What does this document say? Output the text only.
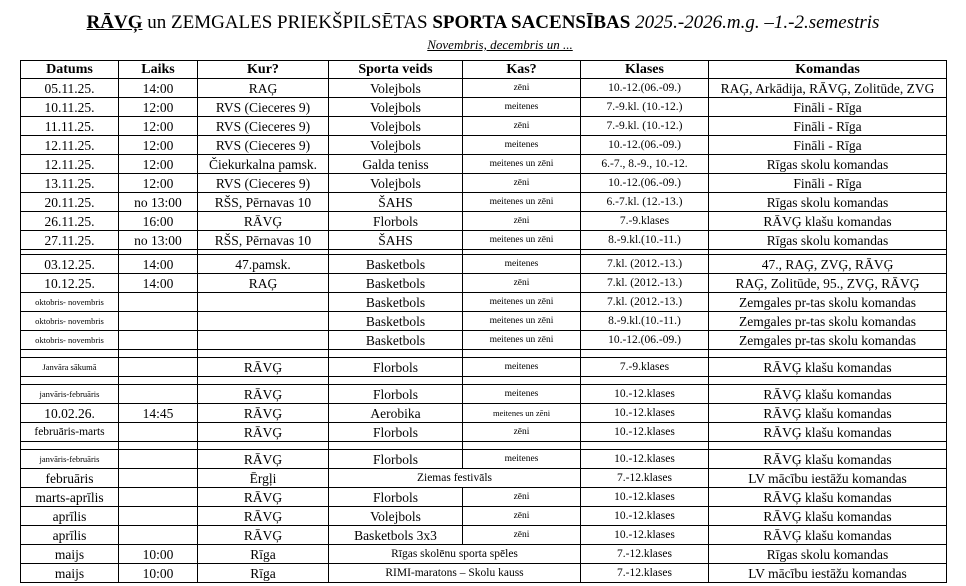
RĀVĢ un ZEMGALES PRIEKŠPILSĒTAS SPORTA SACENSĪBAS 2025.-2026.m.g. –1.-2.semestris
Novembris, decembris un ...
Datums	Laiks	Kur?	Sporta veids	Kas?	Klases	Komandas
05.11.25.	14:00	RAĢ	Volejbols	zēni	10.-12.(06.-09.)	RAĢ, Arkādija, RĀVĢ, Zolitūde, ZVG
10.11.25.	12:00	RVS (Cieceres 9)	Volejbols	meitenes	7.-9.kl. (10.-12.)	Fināli - Rīga
11.11.25.	12:00	RVS (Cieceres 9)	Volejbols	zēni	7.-9.kl. (10.-12.)	Fināli - Rīga
12.11.25.	12:00	RVS (Cieceres 9)	Volejbols	meitenes	10.-12.(06.-09.)	Fināli - Rīga
12.11.25.	12:00	Čiekurkalna pamsk.	Galda teniss	meitenes un zēni	6.-7., 8.-9., 10.-12.	Rīgas skolu komandas
13.11.25.	12:00	RVS (Cieceres 9)	Volejbols	zēni	10.-12.(06.-09.)	Fināli - Rīga
20.11.25.	no 13:00	RŠS, Pērnavas 10	ŠAHS	meitenes un zēni	6.-7.kl. (12.-13.)	Rīgas skolu komandas
26.11.25.	16:00	RĀVĢ	Florbols	zēni	7.-9.klases	RĀVĢ klašu komandas
27.11.25.	no 13:00	RŠS, Pērnavas 10	ŠAHS	meitenes un zēni	8.-9.kl.(10.-11.)	Rīgas skolu komandas

03.12.25.	14:00	47.pamsk.	Basketbols	meitenes	7.kl. (2012.-13.)	47., RAĢ, ZVĢ, RĀVĢ
10.12.25.	14:00	RAĢ	Basketbols	zēni	7.kl. (2012.-13.)	RAĢ, Zolitūde, 95., ZVĢ, RĀVĢ
oktobris- novembris			Basketbols	meitenes un zēni	7.kl. (2012.-13.)	Zemgales pr-tas skolu komandas
oktobris- novembris			Basketbols	meitenes un zēni	8.-9.kl.(10.-11.)	Zemgales pr-tas skolu komandas
oktobris- novembris			Basketbols	meitenes un zēni	10.-12.(06.-09.)	Zemgales pr-tas skolu komandas

Janvāra sākumā		RĀVĢ	Florbols	meitenes	7.-9.klases	RĀVĢ klašu komandas

janvāris-februāris		RĀVĢ	Florbols	meitenes	10.-12.klases	RĀVĢ klašu komandas
10.02.26.	14:45	RĀVĢ	Aerobika	meitenes un zēni	10.-12.klases	RĀVĢ klašu komandas
februāris-marts		RĀVĢ	Florbols	zēni	10.-12.klases	RĀVĢ klašu komandas

janvāris-februāris		RĀVĢ	Florbols	meitenes	10.-12.klases	RĀVĢ klašu komandas
februāris		Ērgļi	Ziemas festivāls		7.-12.klases	LV mācību iestāžu komandas
marts-aprīlis		RĀVĢ	Florbols	zēni	10.-12.klases	RĀVĢ klašu komandas
aprīlis		RĀVĢ	Volejbols	zēni	10.-12.klases	RĀVĢ klašu komandas
aprīlis		RĀVĢ	Basketbols 3x3	zēni	10.-12.klases	RĀVĢ klašu komandas
maijs	10:00	Rīga	Rīgas skolēnu sporta spēles		7.-12.klases	Rīgas skolu komandas
maijs	10:00	Rīga	RIMI-maratons – Skolu kauss		7.-12.klases	LV mācību iestāžu komandas
